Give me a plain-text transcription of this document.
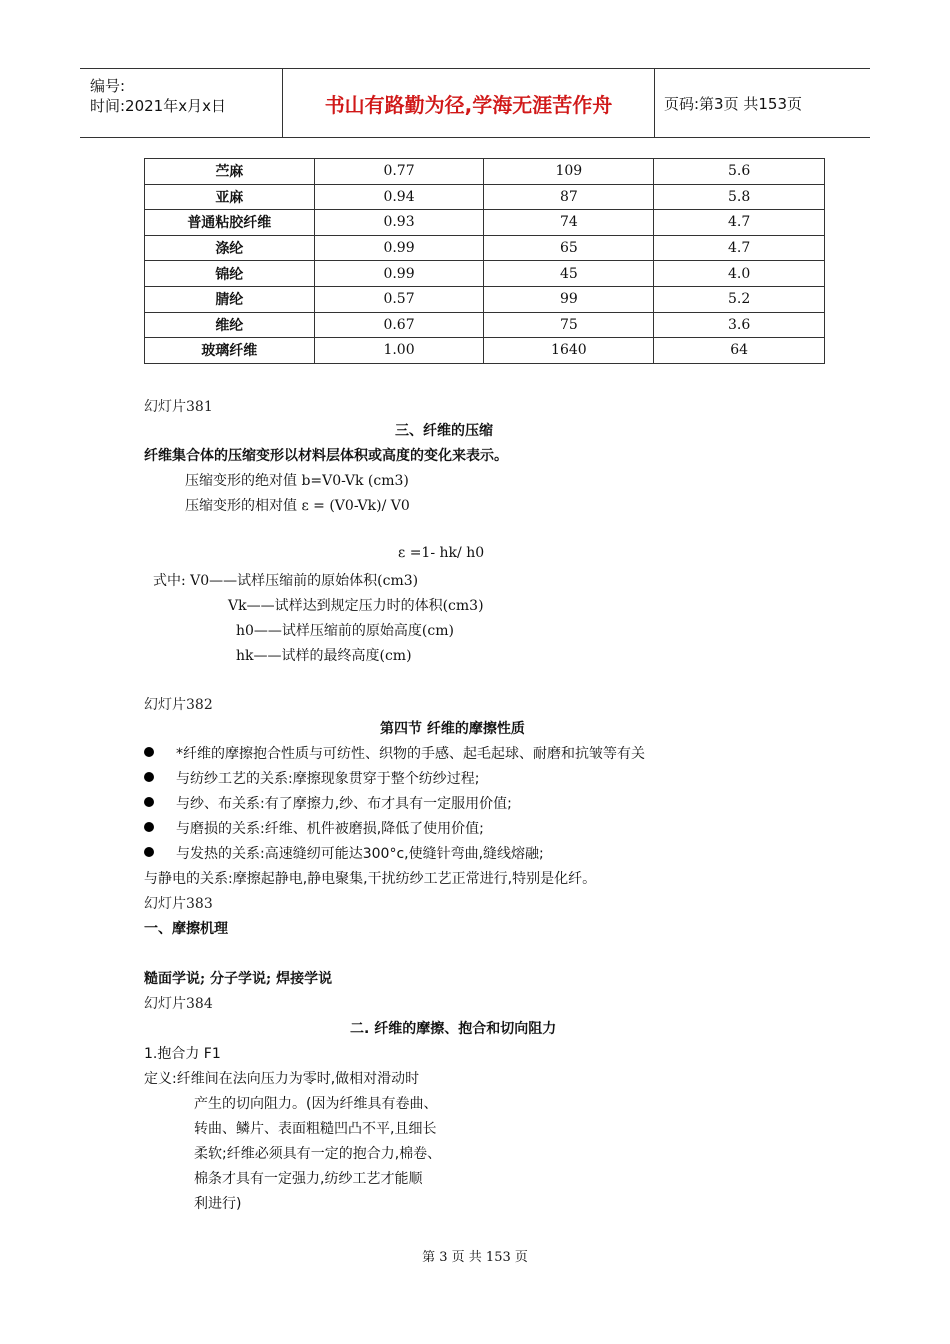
编号:
时间:2021年x月x日	书山有路勤为径,学海无涯苦作舟	页码:第3页 共153页
苎麻	0.77	109	5.6
亚麻	0.94	87	5.8
普通粘胶纤维	0.93	74	4.7
涤纶	0.99	65	4.7
锦纶	0.99	45	4.0
腈纶	0.57	99	5.2
维纶	0.67	75	3.6
玻璃纤维	1.00	1640	64
幻灯片381
三、纤维的压缩
纤维集合体的压缩变形以材料层体积或高度的变化来表示。
压缩变形的绝对值 b=V0-Vk (cm3)
压缩变形的相对值 ε = (V0-Vk)/ V0
ε =1- hk/ h0
式中: V0——试样压缩前的原始体积(cm3)
Vk——试样达到规定压力时的体积(cm3)
h0——试样压缩前的原始高度(cm)
hk——试样的最终高度(cm)
幻灯片382
第四节 纤维的摩擦性质
*纤维的摩擦抱合性质与可纺性、织物的手感、起毛起球、耐磨和抗皱等有关
与纺纱工艺的关系:摩擦现象贯穿于整个纺纱过程;
与纱、布关系:有了摩擦力,纱、布才具有一定服用价值;
与磨损的关系:纤维、机件被磨损,降低了使用价值;
与发热的关系:高速缝纫可能达300°c,使缝针弯曲,缝线熔融;
与静电的关系:摩擦起静电,静电聚集,干扰纺纱工艺正常进行,特别是化纤。
幻灯片383
一、摩擦机理
糙面学说; 分子学说; 焊接学说
幻灯片384
二. 纤维的摩擦、抱合和切向阻力
1.抱合力 F1
定义:纤维间在法向压力为零时,做相对滑动时
产生的切向阻力。(因为纤维具有卷曲、
转曲、鳞片、表面粗糙凹凸不平,且细长
柔软;纤维必须具有一定的抱合力,棉卷、
棉条才具有一定强力,纺纱工艺才能顺
利进行)
第 3 页 共 153 页
